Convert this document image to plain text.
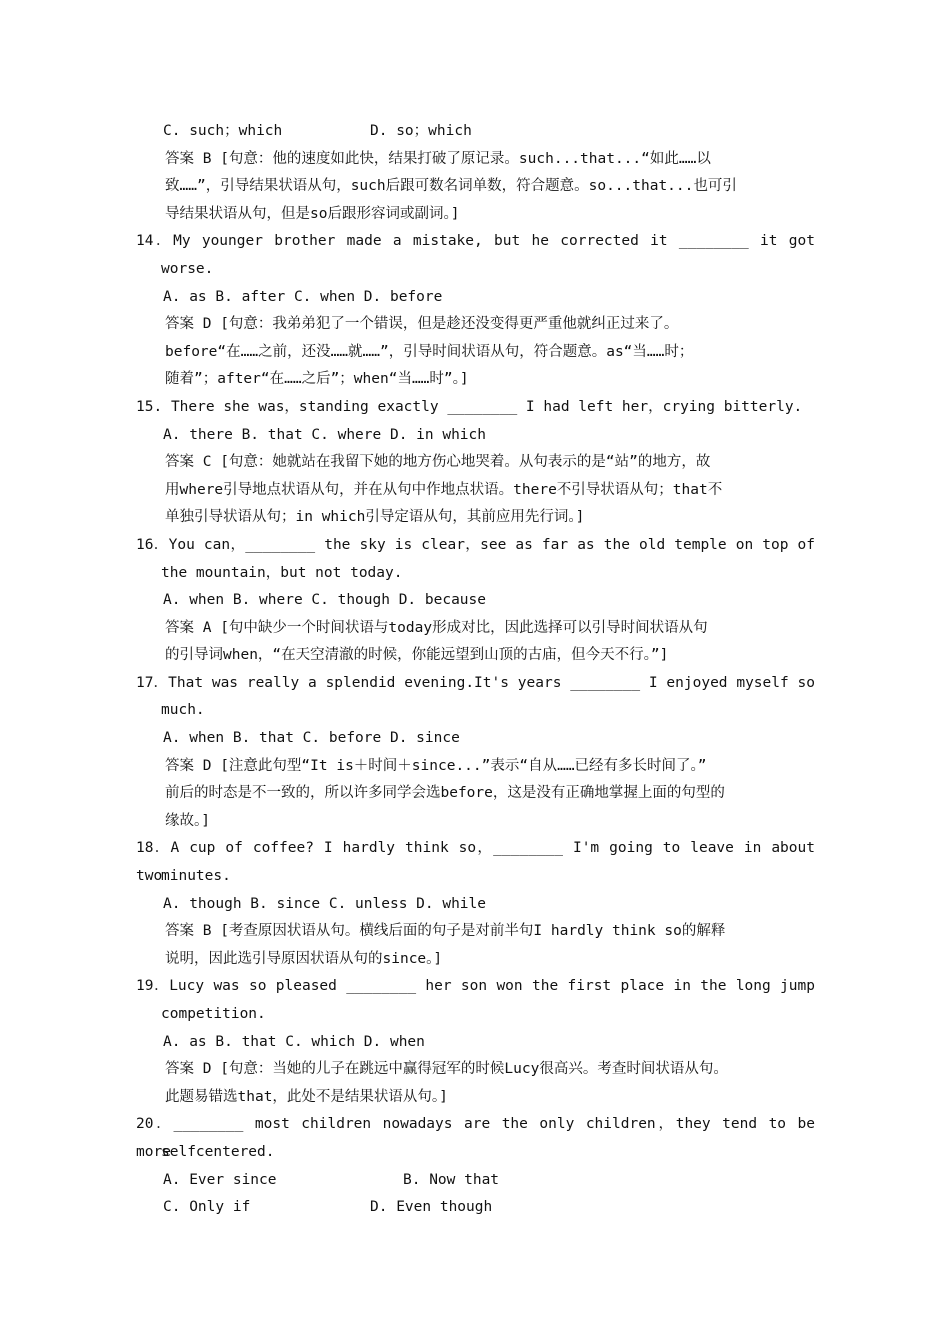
C. such；which	D. so；which
答案 B [句意：他的速度如此快，结果打破了原记录。such...that...“如此……以
致……”，引导结果状语从句，such后跟可数名词单数，符合题意。so...that...也可引
导结果状语从句，但是so后跟形容词或副词。]
14．My younger brother made a mistake, but he corrected it ________ it got
worse.
A. as B. after C. when D. before
答案 D [句意：我弟弟犯了一个错误，但是趁还没变得更严重他就纠正过来了。
before“在……之前，还没……就……”，引导时间状语从句，符合题意。as“当……时；
随着”；after“在……之后”；when“当……时”。]
15. There she was，standing exactly ________ I had left her，crying bitterly.
A. there B. that C. where D. in which
答案 C [句意：她就站在我留下她的地方伤心地哭着。从句表示的是“站”的地方，故
用where引导地点状语从句，并在从句中作地点状语。there不引导状语从句；that不
单独引导状语从句；in which引导定语从句，其前应用先行词。]
16．You can，________ the sky is clear，see as far as the old temple on top of
the mountain，but not today.
A. when B. where C. though D. because
答案 A [句中缺少一个时间状语与today形成对比，因此选择可以引导时间状语从句
的引导词when，“在天空清澈的时候，你能远望到山顶的古庙，但今天不行。”]
17．That was really a splendid evening.It's years ________ I enjoyed myself so
much.
A. when B. that C. before D. since
答案 D [注意此句型“It is＋时间＋since...”表示“自从……已经有多长时间了。”
前后的时态是不一致的，所以许多同学会选before，这是没有正确地掌握上面的句型的
缘故。]
18．A cup of coffee? I hardly think so，________ I'm going to leave in about two
minutes.
A. though B. since C. unless D. while
答案 B [考查原因状语从句。横线后面的句子是对前半句I hardly think so的解释
说明，因此选引导原因状语从句的since。]
19．Lucy was so pleased ________ her son won the first place in the long jump
competition.
A. as B. that C. which D. when
答案 D [句意：当她的儿子在跳远中赢得冠军的时候Lucy很高兴。考查时间状语从句。
此题易错选that，此处不是结果状语从句。]
20．________ most children nowadays are the only children，they tend to be more
selfcentered.
A. Ever since	B. Now that
C. Only if	D. Even though
